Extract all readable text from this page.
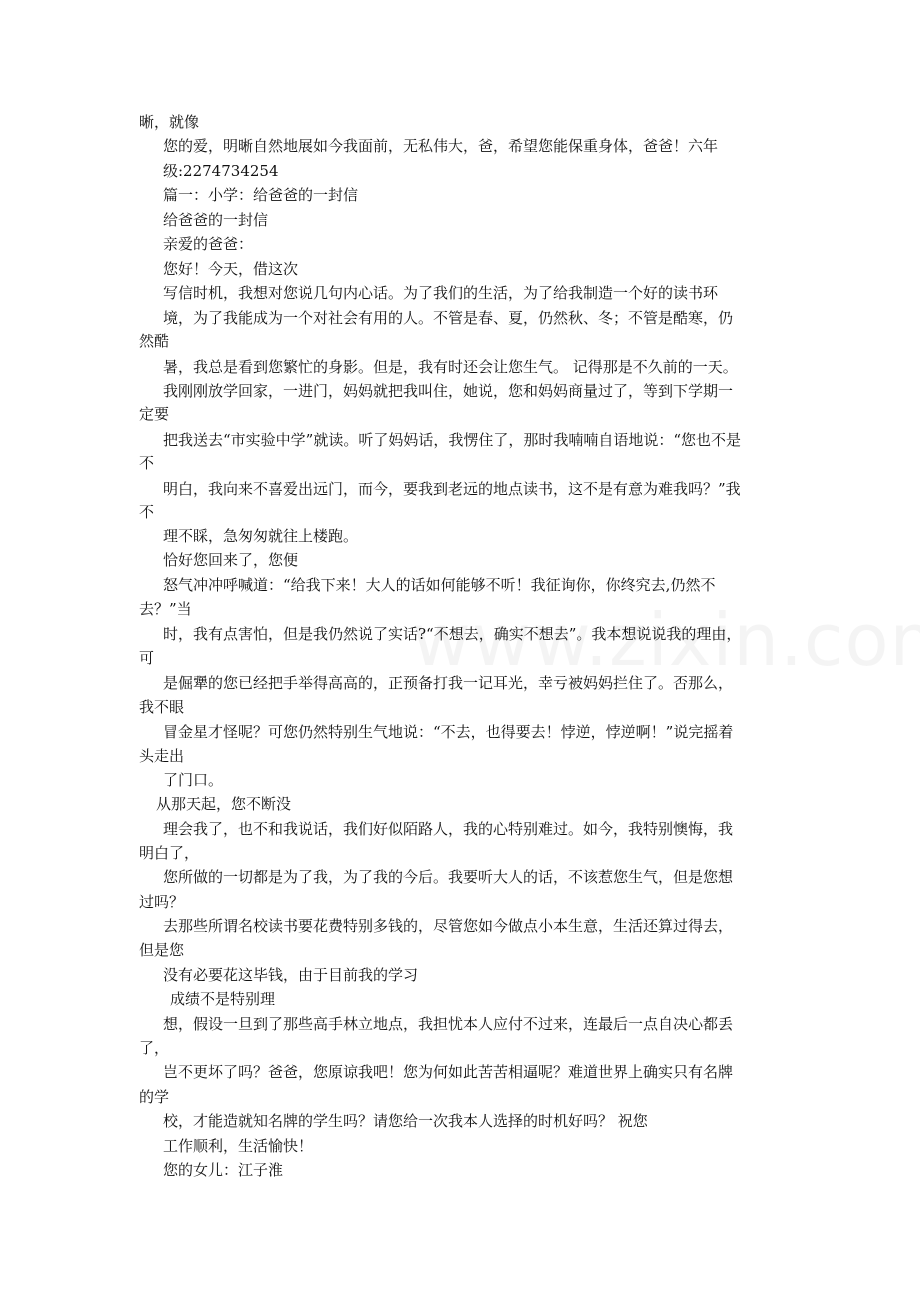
晰，就像
您的爱，明晰自然地展如今我面前，无私伟大，爸，希望您能保重身体，爸爸！六年
级:2274734254
篇一：小学：给爸爸的一封信
给爸爸的一封信
亲爱的爸爸：
您好！今天，借这次
写信时机，我想对您说几句内心话。为了我们的生活，为了给我制造一个好的读书环
境，为了我能成为一个对社会有用的人。不管是春、夏，仍然秋、冬；不管是酷寒，仍
然酷
暑，我总是看到您繁忙的身影。但是，我有时还会让您生气。 记得那是不久前的一天。
我刚刚放学回家，一进门，妈妈就把我叫住，她说，您和妈妈商量过了，等到下学期一
定要
把我送去“市实验中学”就读。听了妈妈话，我愣住了，那时我喃喃自语地说：“您也不是
不
明白，我向来不喜爱出远门，而今，要我到老远的地点读书，这不是有意为难我吗？”我
不
理不睬，急匆匆就往上楼跑。
恰好您回来了，您便
怒气冲冲呼喊道：“给我下来！大人的话如何能够不听！我征询你，你终究去,仍然不
去？”当
时，我有点害怕，但是我仍然说了实话?“不想去，确实不想去”。我本想说说我的理由，
可
是倔犟的您已经把手举得高高的，正预备打我一记耳光，幸亏被妈妈拦住了。否那么，
我不眼
冒金星才怪呢？可您仍然特别生气地说：“不去，也得要去！悖逆，悖逆啊！”说完摇着
头走出
了门口。
从那天起，您不断没
理会我了，也不和我说话，我们好似陌路人，我的心特别难过。如今，我特别懊悔，我
明白了，
您所做的一切都是为了我，为了我的今后。我要听大人的话，不该惹您生气，但是您想
过吗？
去那些所谓名校读书要花费特别多钱的，尽管您如今做点小本生意，生活还算过得去，
但是您
没有必要花这毕钱，由于目前我的学习
成绩不是特别理
想，假设一旦到了那些高手林立地点，我担忧本人应付不过来，连最后一点自决心都丢
了，
岂不更坏了吗？爸爸，您原谅我吧！您为何如此苦苦相逼呢？难道世界上确实只有名牌
的学
校，才能造就知名牌的学生吗？请您给一次我本人选择的时机好吗？ 祝您
工作顺利，生活愉快！
您的女儿：江子淮
